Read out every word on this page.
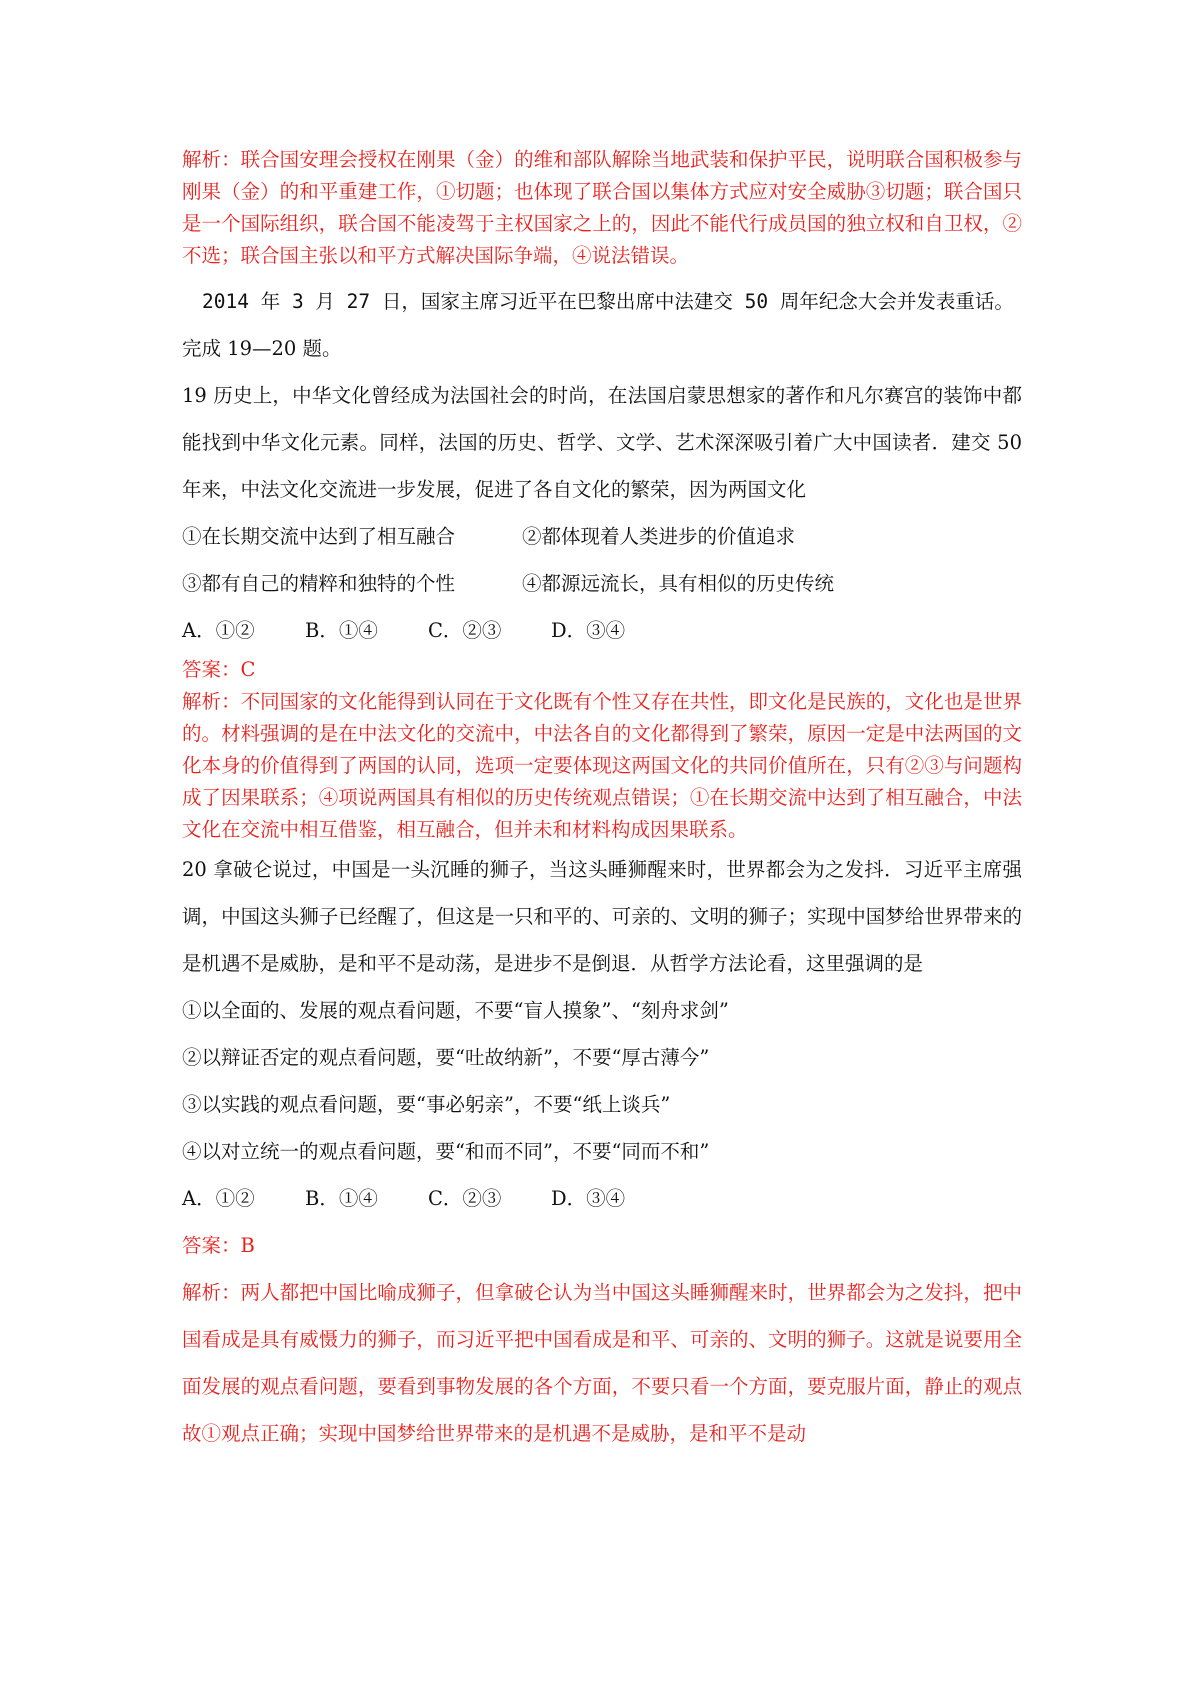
解析：联合国安理会授权在刚果（金）的维和部队解除当地武装和保护平民，说明联合国积极参与刚果（金）的和平重建工作，①切题；也体现了联合国以集体方式应对安全威胁③切题；联合国只是一个国际组织，联合国不能凌驾于主权国家之上的，因此不能代行成员国的独立权和自卫权，②不选；联合国主张以和平方式解决国际争端，④说法错误。

2014 年 3 月 27 日，国家主席习近平在巴黎出席中法建交 50 周年纪念大会并发表重话。

完成 19—20 题。

19 历史上，中华文化曾经成为法国社会的时尚，在法国启蒙思想家的著作和凡尔赛宫的装饰中都能找到中华文化元素。同样，法国的历史、哲学、文学、艺术深深吸引着广大中国读者．建交 50 年来，中法文化交流进一步发展，促进了各自文化的繁荣，因为两国文化

①在长期交流中达到了相互融合	②都体现着人类进步的价值追求
③都有自己的精粹和独特的个性	④都源远流长，具有相似的历史传统
A．①②	B．①④	C．②③	D．③④

答案：C

解析：不同国家的文化能得到认同在于文化既有个性又存在共性，即文化是民族的，文化也是世界的。材料强调的是在中法文化的交流中，中法各自的文化都得到了繁荣，原因一定是中法两国的文化本身的价值得到了两国的认同，选项一定要体现这两国文化的共同价值所在，只有②③与问题构成了因果联系；④项说两国具有相似的历史传统观点错误；①在长期交流中达到了相互融合，中法文化在交流中相互借鉴，相互融合，但并未和材料构成因果联系。

20 拿破仑说过，中国是一头沉睡的狮子，当这头睡狮醒来时，世界都会为之发抖．习近平主席强调，中国这头狮子已经醒了，但这是一只和平的、可亲的、文明的狮子；实现中国梦给世界带来的是机遇不是威胁，是和平不是动荡，是进步不是倒退．从哲学方法论看，这里强调的是

①以全面的、发展的观点看问题，不要“盲人摸象”、“刻舟求剑”

②以辩证否定的观点看问题，要“吐故纳新”，不要“厚古薄今”

③以实践的观点看问题，要“事必躬亲”，不要“纸上谈兵”

④以对立统一的观点看问题，要“和而不同”，不要“同而不和”

A．①②	B．①④	C．②③	D．③④

答案：B

解析：两人都把中国比喻成狮子，但拿破仑认为当中国这头睡狮醒来时，世界都会为之发抖，把中国看成是具有威慑力的狮子，而习近平把中国看成是和平、可亲的、文明的狮子。这就是说要用全面发展的观点看问题，要看到事物发展的各个方面，不要只看一个方面，要克服片面，静止的观点故①观点正确；实现中国梦给世界带来的是机遇不是威胁，是和平不是动
